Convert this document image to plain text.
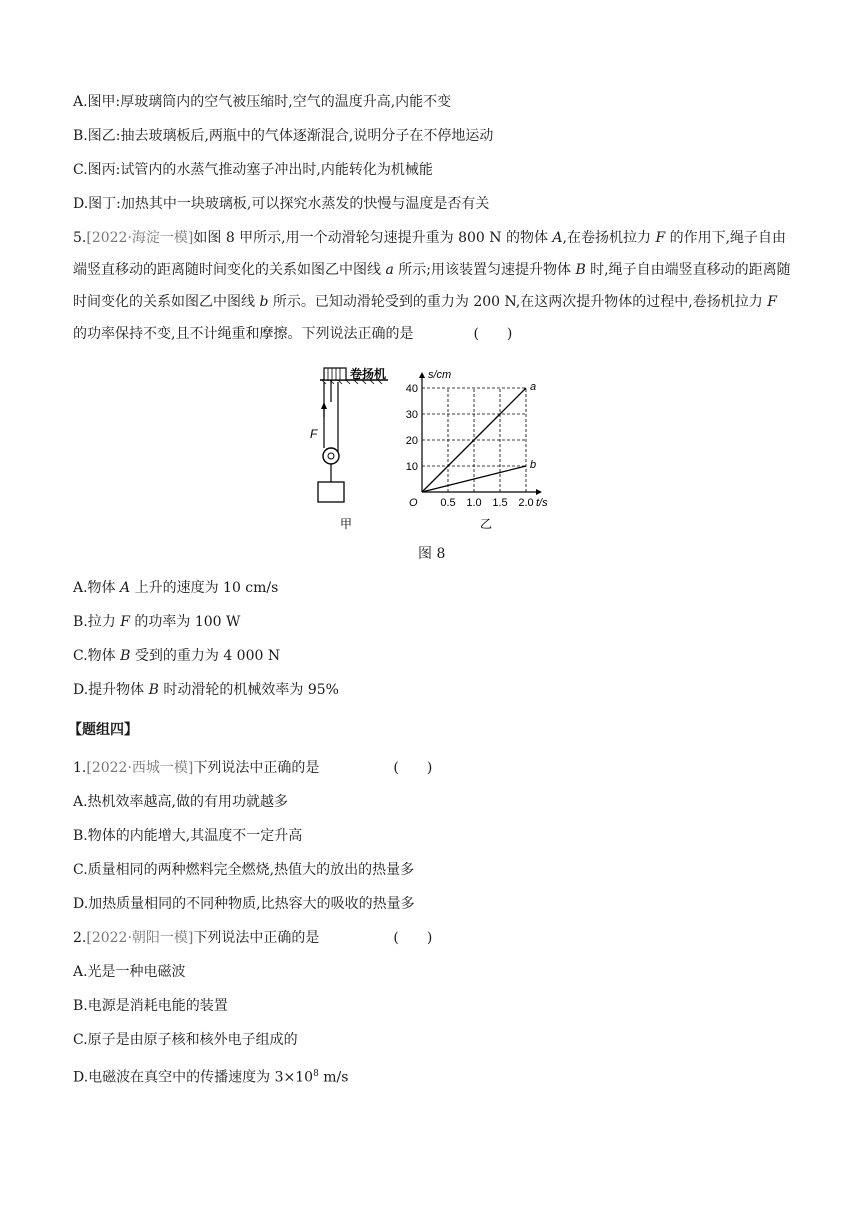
A.图甲:厚玻璃筒内的空气被压缩时,空气的温度升高,内能不变
B.图乙:抽去玻璃板后,两瓶中的气体逐渐混合,说明分子在不停地运动
C.图丙:试管内的水蒸气推动塞子冲出时,内能转化为机械能
D.图丁:加热其中一块玻璃板,可以探究水蒸发的快慢与温度是否有关
5.[2022·海淀一模]如图 8 甲所示,用一个动滑轮匀速提升重为 800 N 的物体 A,在卷扬机拉力 F 的作用下,绳子自由端竖直移动的距离随时间变化的关系如图乙中图线 a 所示;用该装置匀速提升物体 B 时,绳子自由端竖直移动的距离随时间变化的关系如图乙中图线 b 所示。已知动滑轮受到的重力为 200 N,在这两次提升物体的过程中,卷扬机拉力 F 的功率保持不变,且不计绳重和摩擦。下列说法正确的是	(　　)
卷扬机
F
甲
0.5 1.0 1.5 2.0
10
20
30
40	a
b
s/cm
t/s
O
乙
图 8
A.物体 A 上升的速度为 10 cm/s
B.拉力 F 的功率为 100 W
C.物体 B 受到的重力为 4 000 N
D.提升物体 B 时动滑轮的机械效率为 95%
【题组四】
1.[2022·西城一模]下列说法中正确的是	(　　)
A.热机效率越高,做的有用功就越多
B.物体的内能增大,其温度不一定升高
C.质量相同的两种燃料完全燃烧,热值大的放出的热量多
D.加热质量相同的不同种物质,比热容大的吸收的热量多
2.[2022·朝阳一模]下列说法中正确的是	(　　)
A.光是一种电磁波
B.电源是消耗电能的装置
C.原子是由原子核和核外电子组成的
D.电磁波在真空中的传播速度为 $3\times 10^8$ m/s
